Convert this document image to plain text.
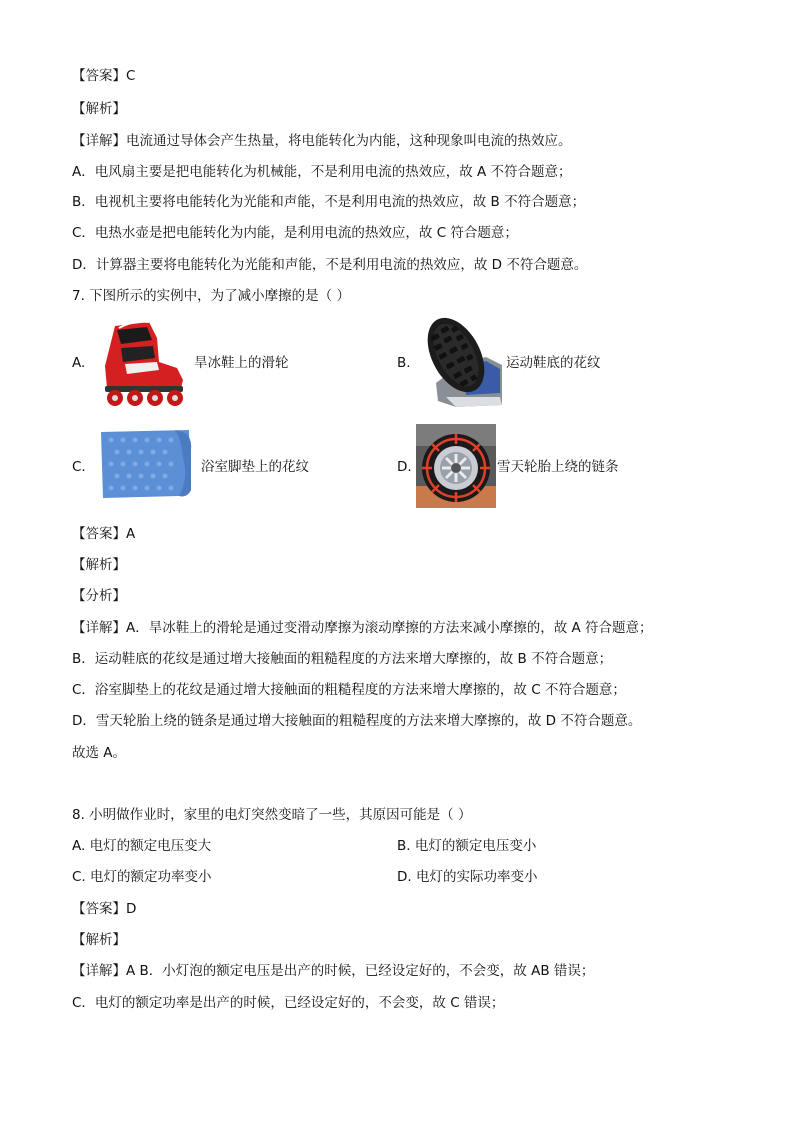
【答案】C
【解析】
【详解】电流通过导体会产生热量，将电能转化为内能，这种现象叫电流的热效应。
A．电风扇主要是把电能转化为机械能，不是利用电流的热效应，故 A 不符合题意；
B．电视机主要将电能转化为光能和声能，不是利用电流的热效应，故 B 不符合题意；
C．电热水壶是把电能转化为内能，是利用电流的热效应，故 C 符合题意；
D．计算器主要将电能转化为光能和声能，不是利用电流的热效应，故 D 不符合题意。
7. 下图所示的实例中，为了减小摩擦的是（ ）
A.	旱冰鞋上的滑轮	B.	运动鞋底的花纹
C.	浴室脚垫上的花纹	D.	雪天轮胎上绕的链条
【答案】A
【解析】
【分析】
【详解】A．旱冰鞋上的滑轮是通过变滑动摩擦为滚动摩擦的方法来减小摩擦的，故 A 符合题意；
B．运动鞋底的花纹是通过增大接触面的粗糙程度的方法来增大摩擦的，故 B 不符合题意；
C．浴室脚垫上的花纹是通过增大接触面的粗糙程度的方法来增大摩擦的，故 C 不符合题意；
D．雪天轮胎上绕的链条是通过增大接触面的粗糙程度的方法来增大摩擦的，故 D 不符合题意。
故选 A。
8. 小明做作业时，家里的电灯突然变暗了一些，其原因可能是（ ）
A. 电灯的额定电压变大	B. 电灯的额定电压变小
C. 电灯的额定功率变小	D. 电灯的实际功率变小
【答案】D
【解析】
【详解】A B．小灯泡的额定电压是出产的时候，已经设定好的，不会变，故 AB 错误；
C．电灯的额定功率是出产的时候，已经设定好的，不会变，故 C 错误；
